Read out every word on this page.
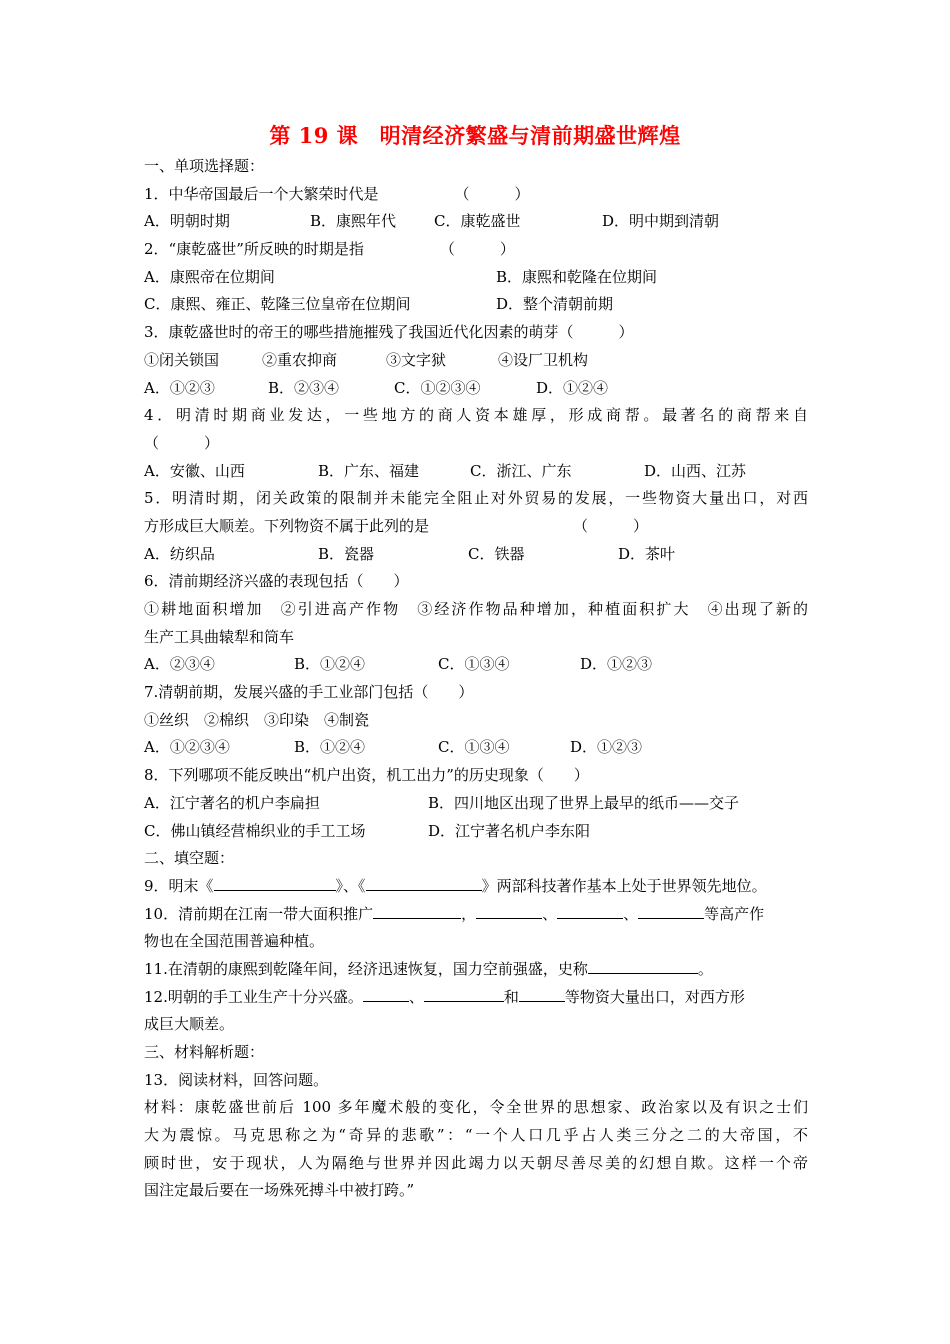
第 19 课　明清经济繁盛与清前期盛世辉煌
一、单项选择题：
1．中华帝国最后一个大繁荣时代是	（　　　）
A．明朝时期	B．康熙年代	C．康乾盛世	D．明中期到清朝
2．“康乾盛世”所反映的时期是指	（　　　）
A．康熙帝在位期间	B．康熙和乾隆在位期间
C．康熙、雍正、乾隆三位皇帝在位期间	D．整个清朝前期
3．康乾盛世时的帝王的哪些措施摧残了我国近代化因素的萌芽（　　　）
①闭关锁国	②重农抑商	③文字狱	④设厂卫机构
A．①②③	B．②③④	C．①②③④	D．①②④
4．明清时期商业发达，一些地方的商人资本雄厚，形成商帮。最著名的商帮来自
（　　　）
A．安徽、山西	B．广东、福建	C．浙江、广东	D．山西、江苏
5．明清时期，闭关政策的限制并未能完全阻止对外贸易的发展，一些物资大量出口，对西
方形成巨大顺差。下列物资不属于此列的是	（　　　）
A．纺织品	B．瓷器	C．铁器	D．茶叶
6．清前期经济兴盛的表现包括（　　）
①耕地面积增加　②引进高产作物　③经济作物品种增加，种植面积扩大　④出现了新的
生产工具曲辕犁和筒车
A．②③④	B．①②④	C．①③④	D．①②③
7.清朝前期，发展兴盛的手工业部门包括（　　）
①丝织　②棉织　③印染　④制瓷
A．①②③④	B．①②④	C．①③④	D．①②③
8．下列哪项不能反映出“机户出资，机工出力”的历史现象（　　）
A．江宁著名的机户李扁担	B．四川地区出现了世界上最早的纸币——交子
C．佛山镇经营棉织业的手工工场	D．江宁著名机户李东阳
二、填空题：
9．明末《	》、《	》两部科技著作基本上处于世界领先地位。
10．清前期在江南一带大面积推广	，	、	、	等高产作
物也在全国范围普遍种植。
11.在清朝的康熙到乾隆年间，经济迅速恢复，国力空前强盛，史称	。
12.明朝的手工业生产十分兴盛。	、	和	等物资大量出口，对西方形
成巨大顺差。
三、材料解析题：
13．阅读材料，回答问题。
材料：康乾盛世前后 100 多年魔术般的变化，令全世界的思想家、政治家以及有识之士们
大为震惊。马克思称之为“奇异的悲歌”：“一个人口几乎占人类三分之二的大帝国，不
顾时世，安于现状，人为隔绝与世界并因此竭力以天朝尽善尽美的幻想自欺。这样一个帝
国注定最后要在一场殊死搏斗中被打跨。”
